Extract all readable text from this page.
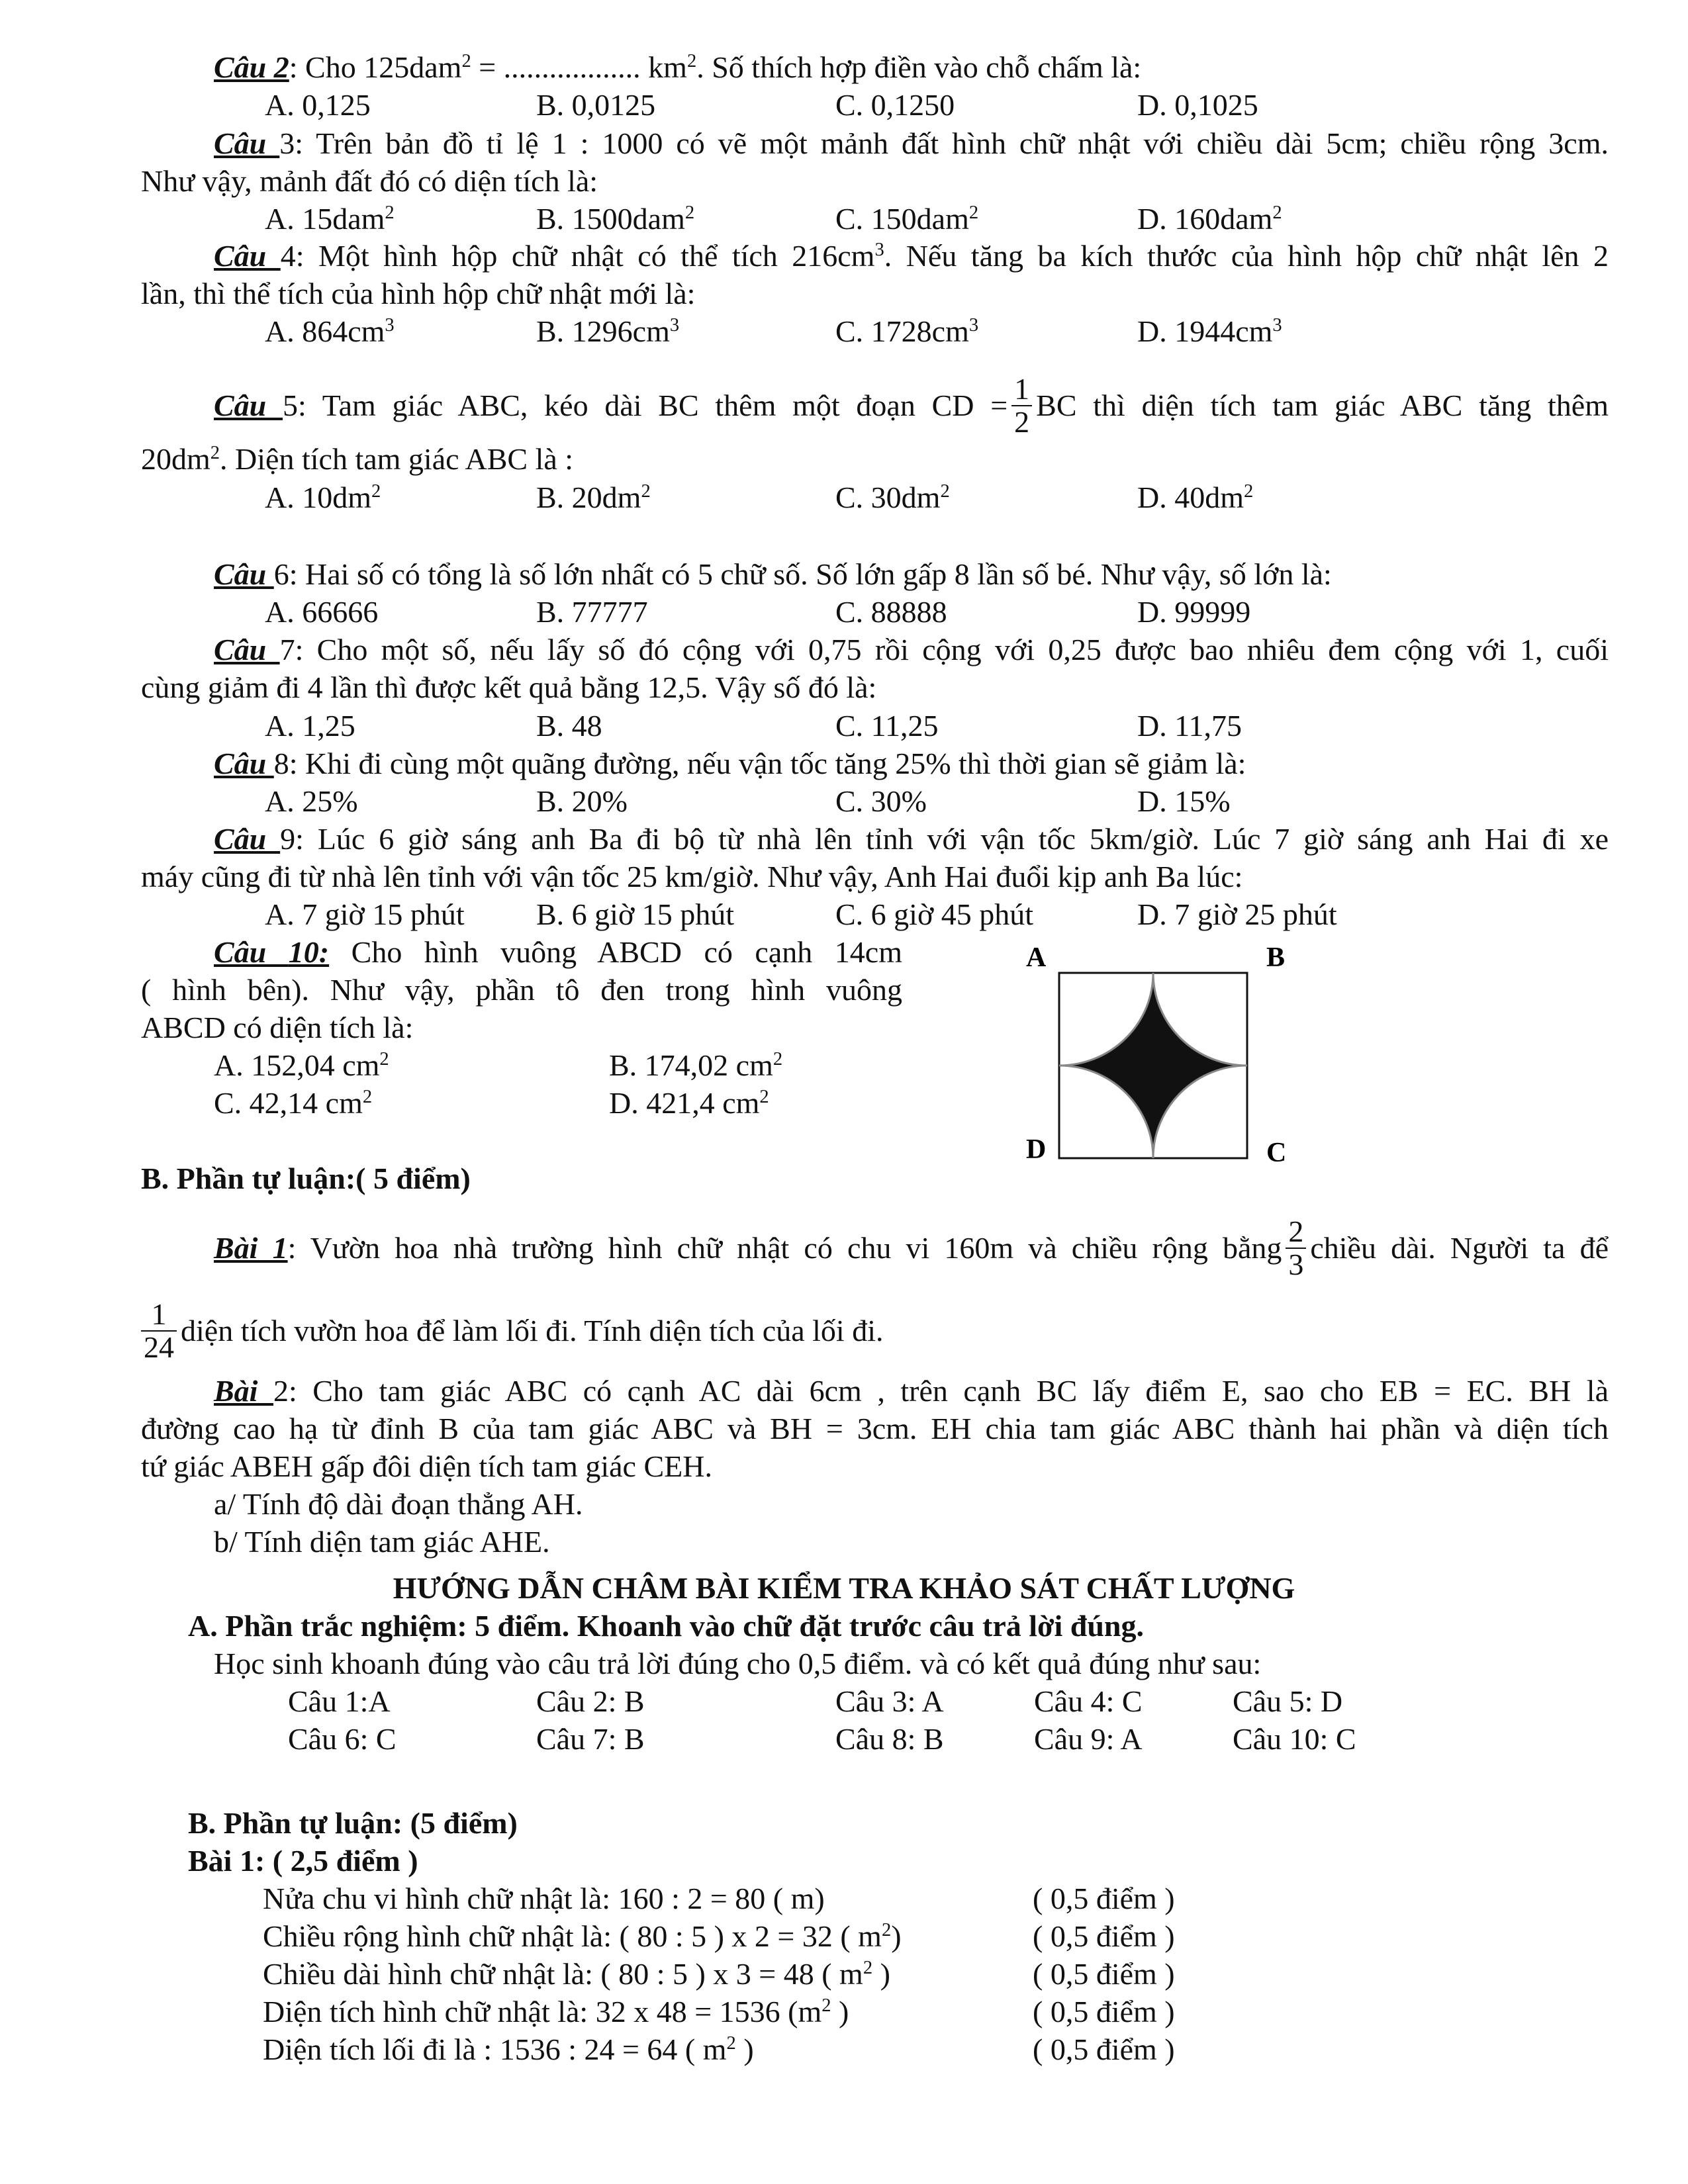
Câu 2: Cho 125dam$^2$ = .................. $km^2$. Số thích hợp điền vào chỗ chấm là:
A. 0,125	B. 0,0125	C. 0,1250	D. 0,1025
Câu 3: Trên bản đồ tỉ lệ 1 : 1000 có vẽ một mảnh đất hình chữ nhật với chiều dài 5cm; chiều rộng 3cm.
Như vậy, mảnh đất đó có diện tích là:
A. 15dam$^2$	B. 1500dam$^2$	C. 150dam$^2$	D. 160dam$^2$
Câu 4: Một hình hộp chữ nhật có thể tích $216cm^3$. Nếu tăng ba kích thước của hình hộp chữ nhật lên 2
lần, thì thể tích của hình hộp chữ nhật mới là:
A. $864cm^3$	B. $1296cm^3$	C. $1728cm^3$	D. $1944cm^3$
Câu 5: Tam giác ABC, kéo dài BC thêm một đoạn CD = $\frac{1}{2}$ BC thì diện tích tam giác ABC tăng thêm
$20dm^2$. Diện tích tam giác ABC là :
A. $10dm^2$	B. $20dm^2$	C. $30dm^2$	D. $40dm^2$
Câu 6: Hai số có tổng là số lớn nhất có 5 chữ số. Số lớn gấp 8 lần số bé. Như vậy, số lớn là:
A. 66666	B. 77777	C. 88888	D. 99999
Câu 7: Cho một số, nếu lấy số đó cộng với 0,75 rồi cộng với 0,25 được bao nhiêu đem cộng với 1, cuối
cùng giảm đi 4 lần thì được kết quả bằng 12,5. Vậy số đó là:
A. 1,25	B. 48	C. 11,25	D. 11,75
Câu 8: Khi đi cùng một quãng đường, nếu vận tốc tăng 25% thì thời gian sẽ giảm là:
A. 25%	B. 20%	C. 30%	D. 15%
Câu 9: Lúc 6 giờ sáng anh Ba đi bộ từ nhà lên tỉnh với vận tốc 5km/giờ. Lúc 7 giờ sáng anh Hai đi xe
máy cũng đi từ nhà lên tỉnh với vận tốc 25 km/giờ. Như vậy, Anh Hai đuổi kịp anh Ba lúc:
A. 7 giờ 15 phút B. 6 giờ 15 phút	C. 6 giờ 45 phút	D. 7 giờ 25 phút
Câu 10: Cho hình vuông ABCD có cạnh 14cm
( hình bên). Như vậy, phần tô đen trong hình vuông
ABCD có diện tích là:
A. 152,04 $cm^2$	B. 174,02 $cm^2$
C. 42,14 $cm^2$	D. 421,4 $cm^2$
A	B
C
D
B. Phần tự luận:( 5 điểm)
Bài 1: Vườn hoa nhà trường hình chữ nhật có chu vi 160m và chiều rộng bằng $\frac{2}{3}$ chiều dài. Người ta để
$\frac{1}{24}$ diện tích vườn hoa để làm lối đi. Tính diện tích của lối đi.
Bài 2: Cho tam giác ABC có cạnh AC dài 6cm , trên cạnh BC lấy điểm E, sao cho EB = EC. BH là
đường cao hạ từ đỉnh B của tam giác ABC và BH = 3cm. EH chia tam giác ABC thành hai phần và diện tích
tứ giác ABEH gấp đôi diện tích tam giác CEH.
a/ Tính độ dài đoạn thẳng AH.
b/ Tính diện tam giác AHE.
HƯỚNG DẪN CHÂM BÀI KIỂM TRA KHẢO SÁT CHẤT LƯỢNG
A. Phần trắc nghiệm: 5 điểm. Khoanh vào chữ đặt trước câu trả lời đúng.
Học sinh khoanh đúng vào câu trả lời đúng cho 0,5 điểm. và có kết quả đúng như sau:
Câu 1:A	Câu 2: B	Câu 3: A	Câu 4: C	Câu 5: D
Câu 6: C	Câu 7: B	Câu 8: B	Câu 9: A	Câu 10: C
B. Phần tự luận: (5 điểm)
Bài 1: ( 2,5 điểm )
Nửa chu vi hình chữ nhật là: 160 : 2 = 80 ( m)	( 0,5 điểm )
Chiều rộng hình chữ nhật là: ( 80 : 5 ) x 2 = 32 ( $m^2$)	( 0,5 điểm )
Chiều dài hình chữ nhật là: ( 80 : 5 ) x 3 = 48 ( $m^2$ )	( 0,5 điểm )
Diện tích hình chữ nhật là: 32 x 48 = 1536 ($m^2$ )	( 0,5 điểm )
Diện tích lối đi là : 1536 : 24 = 64 ( $m^2$ )	( 0,5 điểm )
